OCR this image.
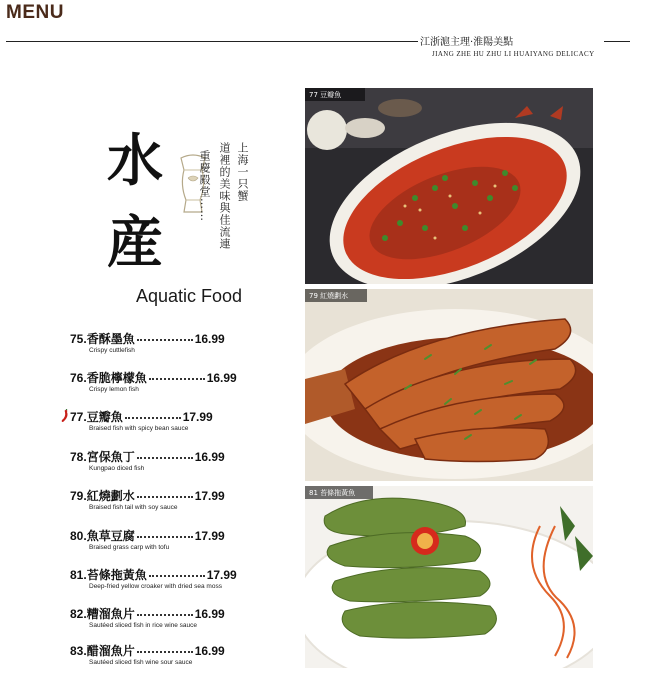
MENU
江浙滬主理·淮陽美點
JIANG ZHE HU ZHU LI HUAIYANG DELICACY
水
産
上海一只蟹
道裡的美味與佳流連
重慶殿堂……
Aquatic Food
75. 香酥墨魚	16.99
Crispy cuttlefish
76. 香脆檸檬魚	16.99
Crispy lemon fish
77. 豆瓣魚	17.99
Braised fish with spicy bean sauce
78. 宮保魚丁	16.99
Kungpao diced fish
79. 紅燒劃水	17.99
Braised fish tail with soy sauce
80. 魚草豆腐	17.99
Braised grass carp with tofu
81. 苔條拖黃魚	17.99
Deep-fried yellow croaker with dried sea moss
82. 糟溜魚片	16.99
Sautéed sliced fish in rice wine sauce
83. 醋溜魚片	16.99
Sautéed sliced fish wine sour sauce
77 豆瓣魚
79 紅燒劃水
81 苔條拖黃魚
